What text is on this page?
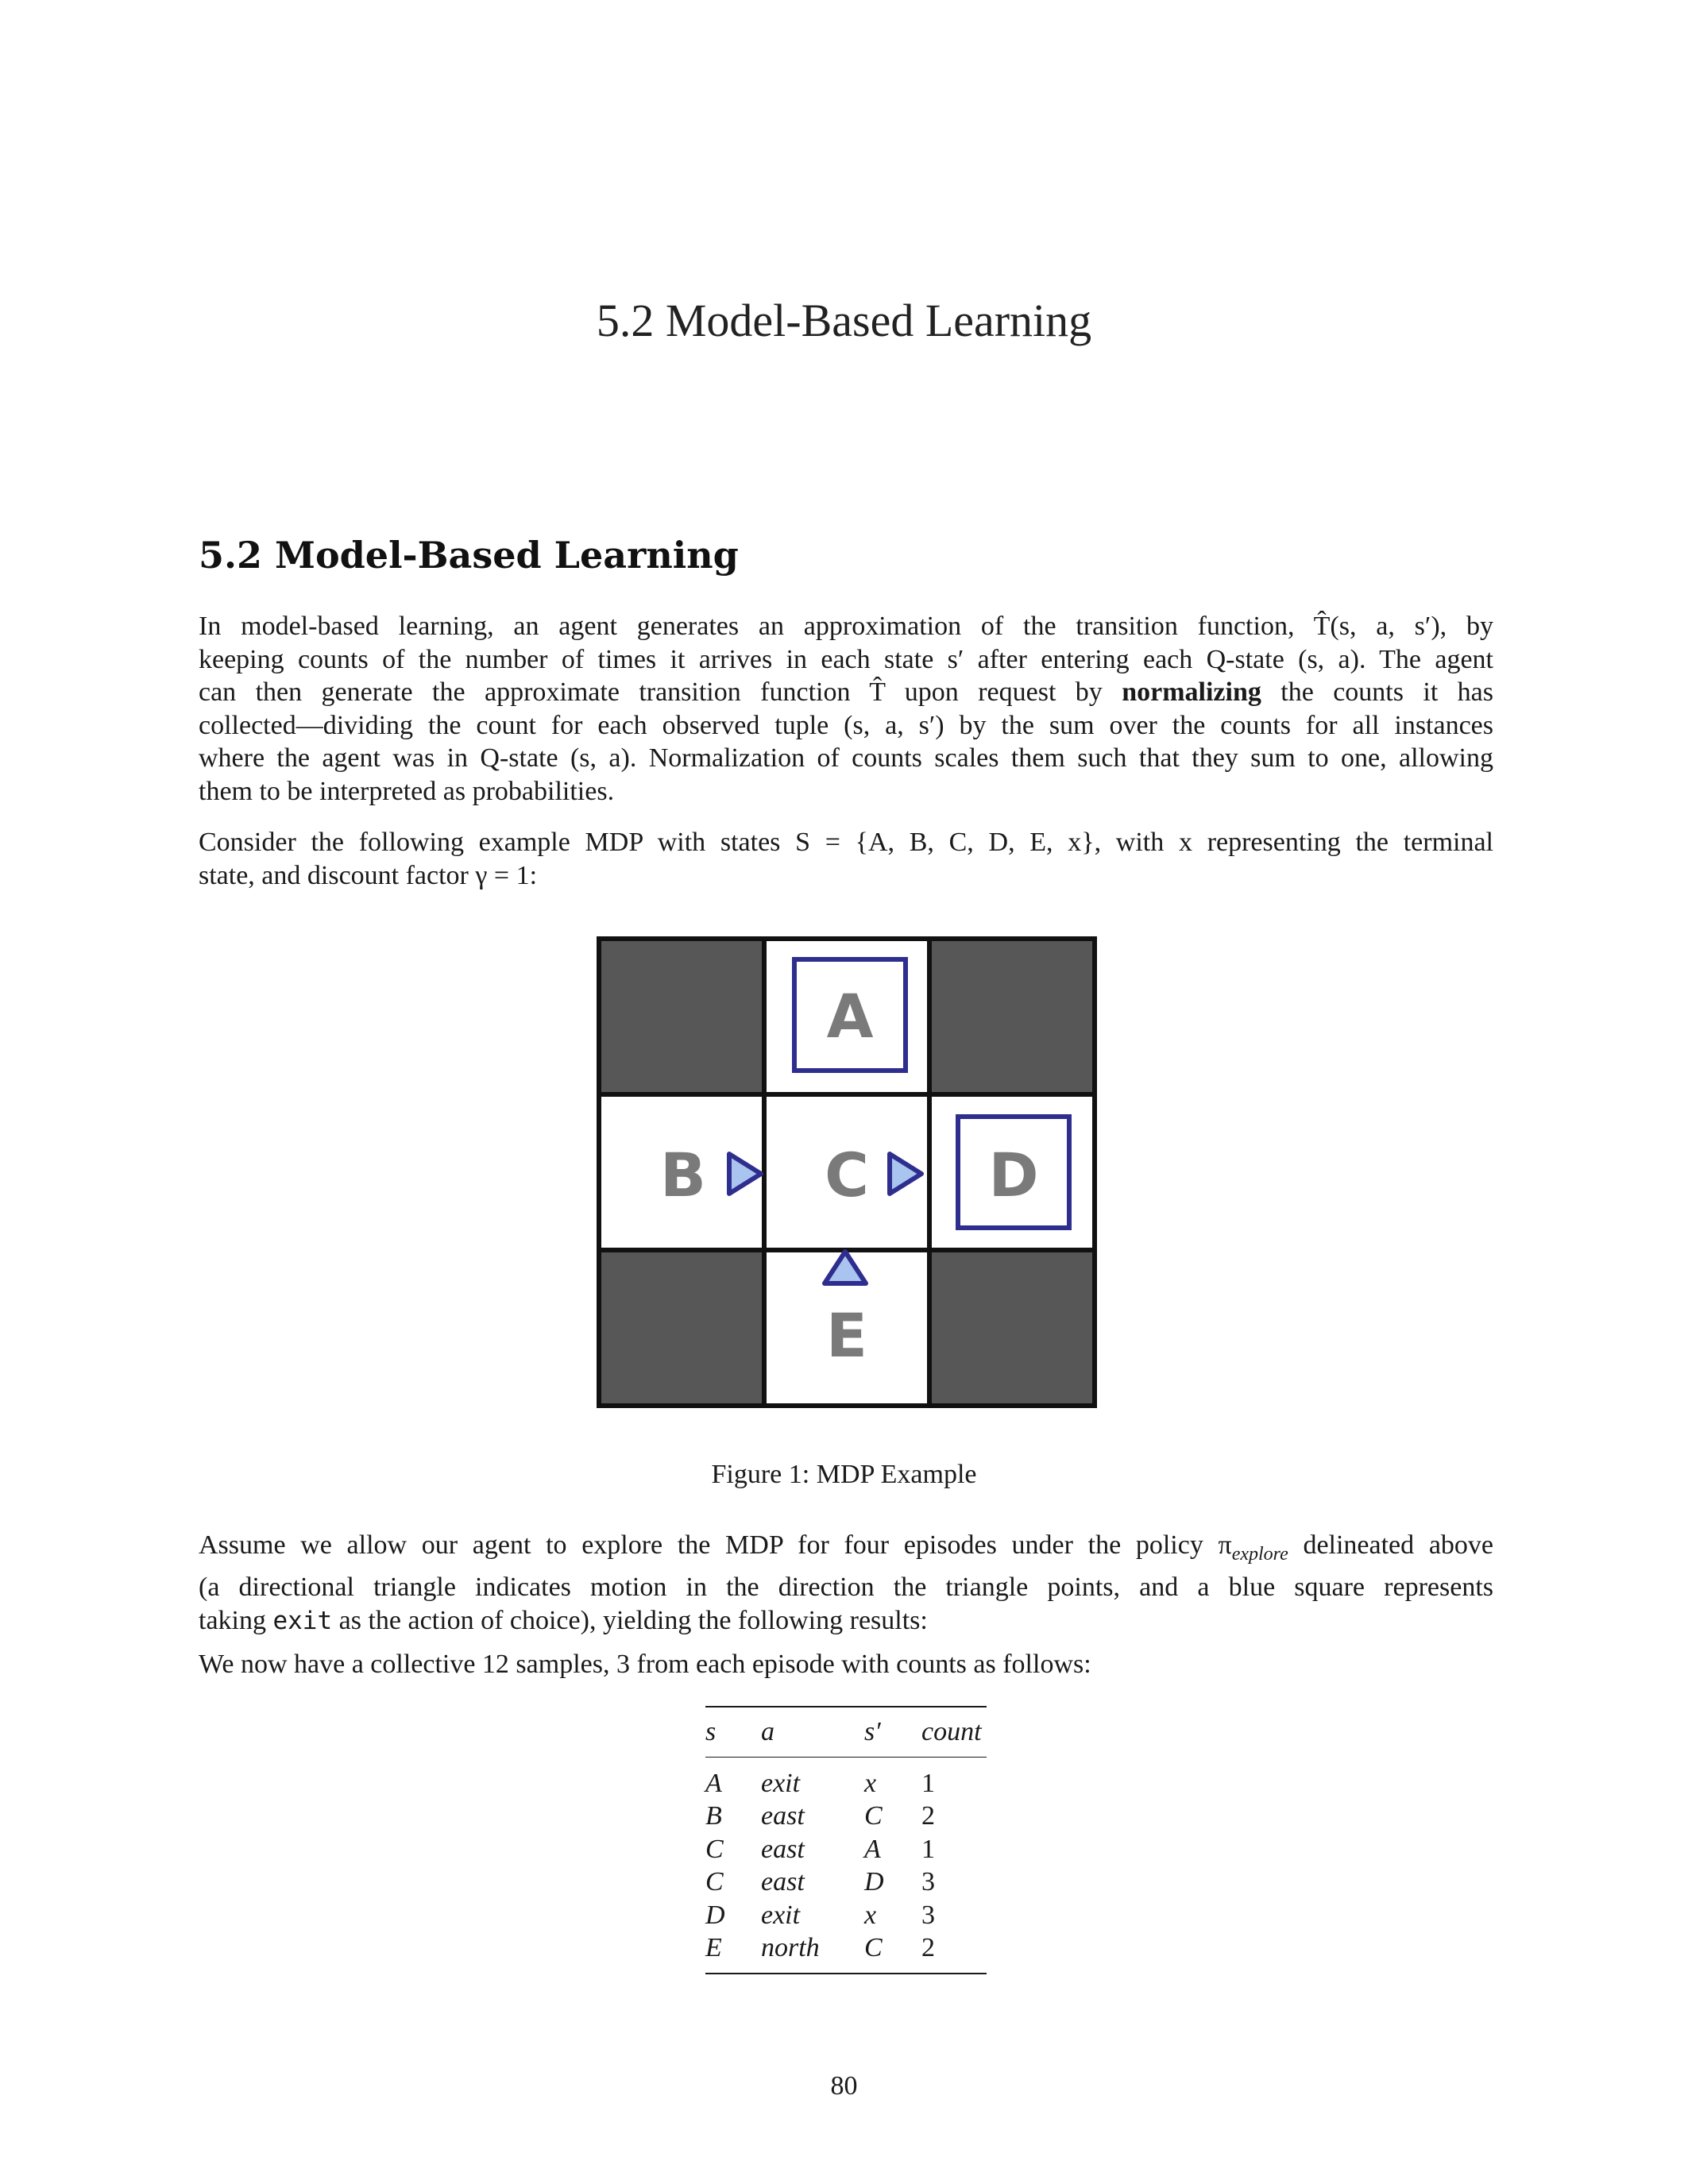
5.2 Model-Based Learning
5.2 Model-Based Learning
In model-based learning, an agent generates an approximation of the transition function, T̂(s, a, s′), by
keeping counts of the number of times it arrives in each state s′ after entering each Q-state (s, a). The agent
can then generate the approximate transition function T̂ upon request by normalizing the counts it has
collected—dividing the count for each observed tuple (s, a, s′) by the sum over the counts for all instances
where the agent was in Q-state (s, a). Normalization of counts scales them such that they sum to one, allowing
them to be interpreted as probabilities.
Consider the following example MDP with states S = {A, B, C, D, E, x}, with x representing the terminal
state, and discount factor γ = 1:
A
B C D
E

Figure 1: MDP Example

Assume we allow our agent to explore the MDP for four episodes under the policy $\pi_{explore}$ delineated above
(a directional triangle indicates motion in the direction the triangle points, and a blue square represents
taking exit as the action of choice), yielding the following results:
We now have a collective 12 samples, 3 from each episode with counts as follows:
s	a	s′	count

A	exit	x	1
B	east	C	2
C	east	A	1
C	east	D	3
D	exit	x	3
E	north	C	2

80
